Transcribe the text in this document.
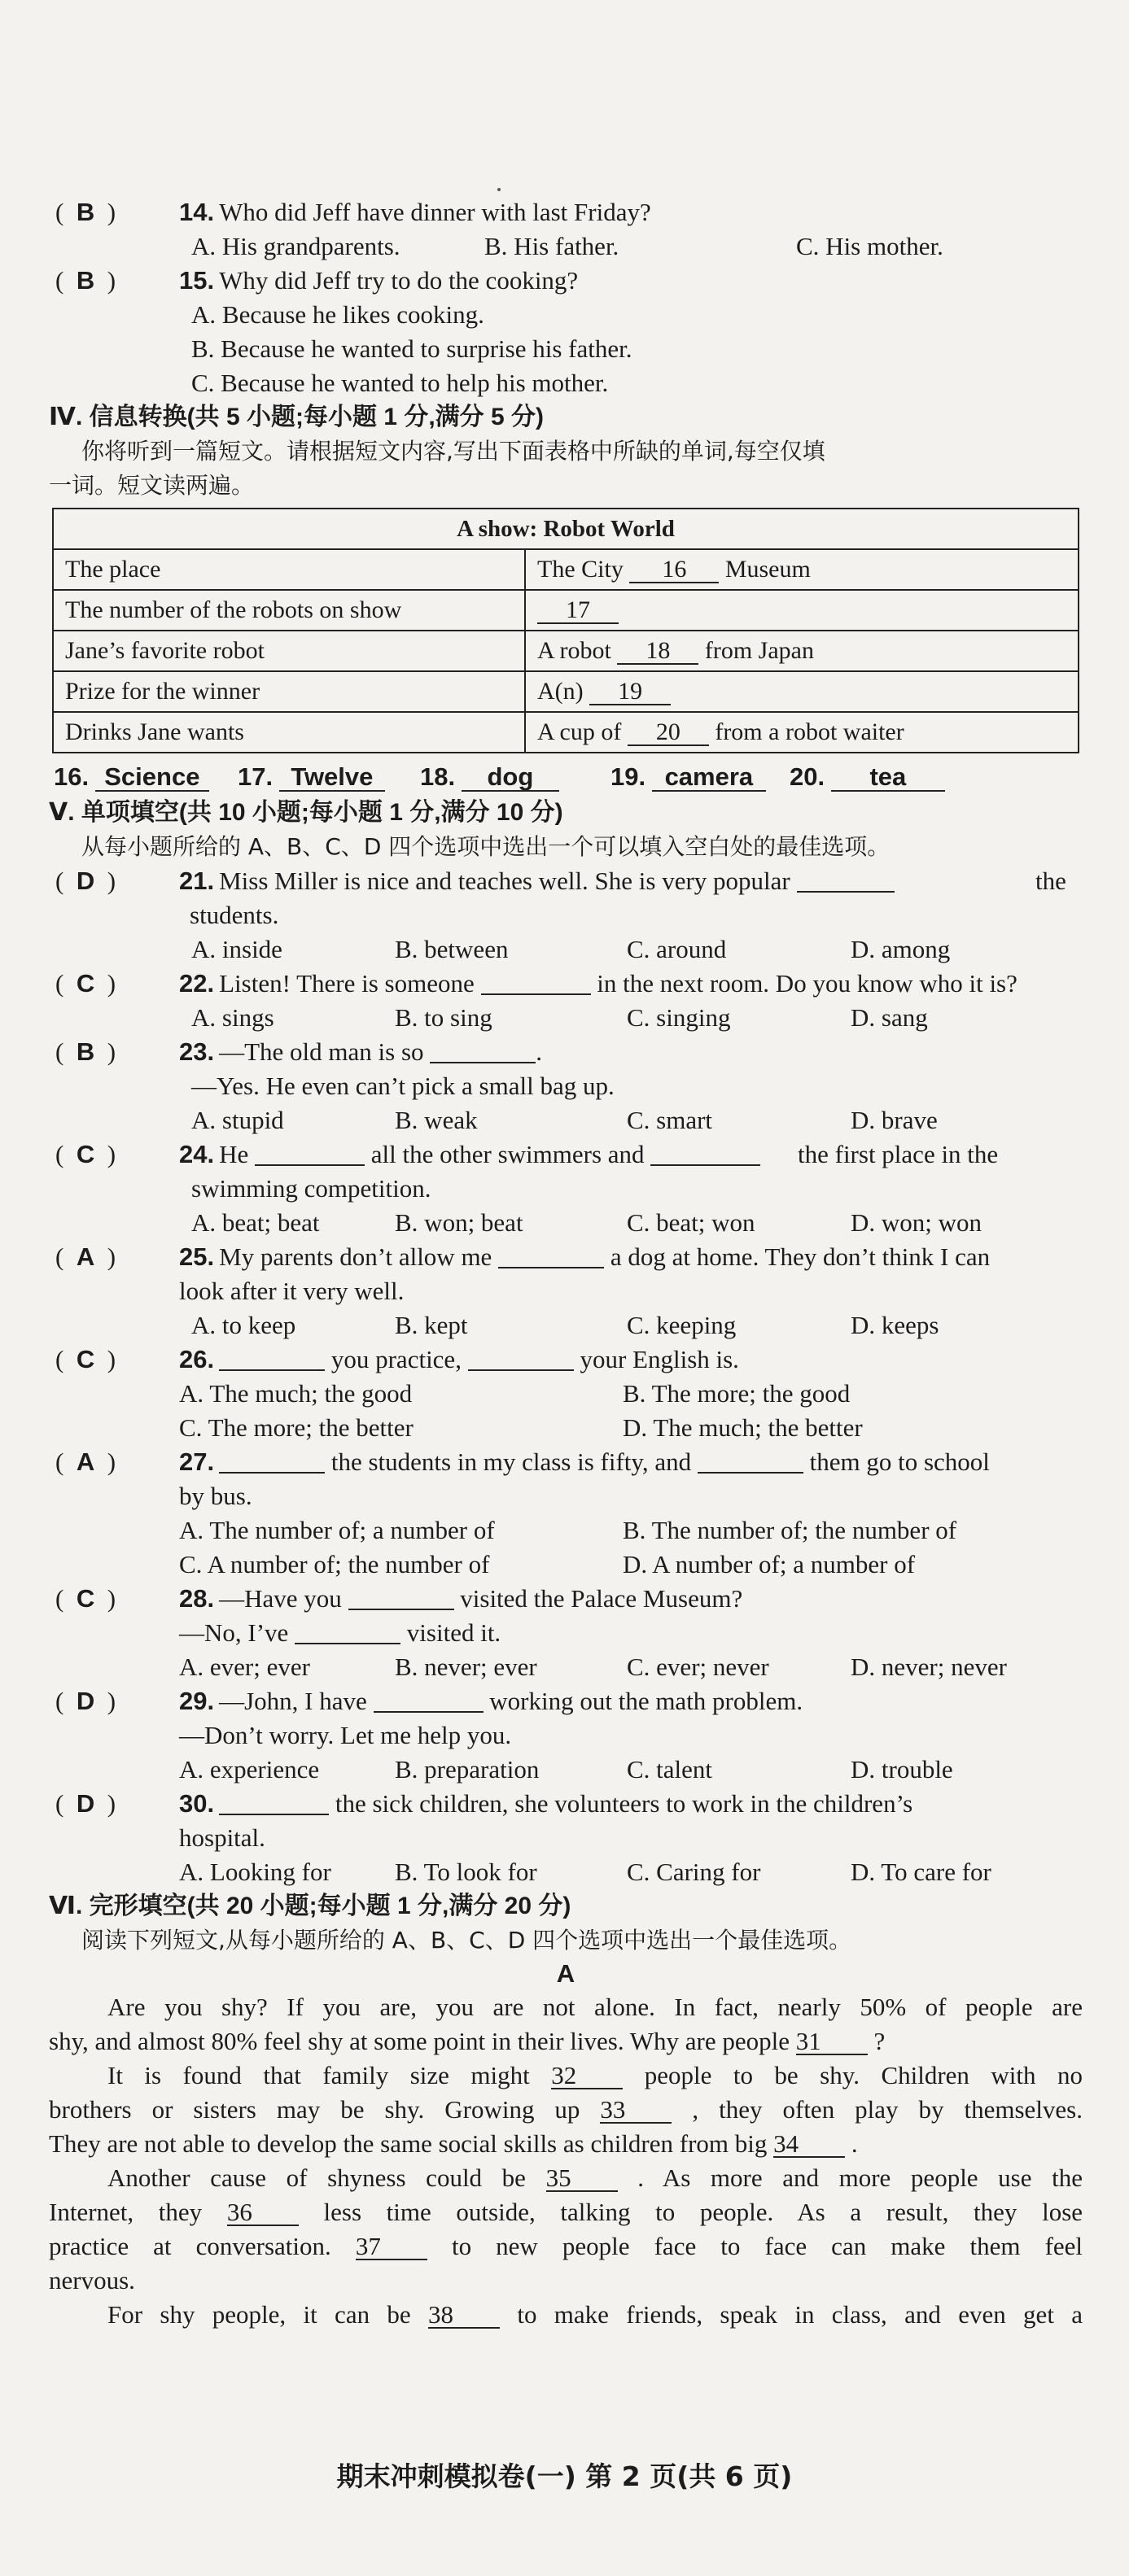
(  B  )	14. Who did Jeff have dinner with last Friday?
A. His grandparents.	B. His father.	C. His mother.
(  B  )	15. Why did Jeff try to do the cooking?
A. Because he likes cooking.
B. Because he wanted to surprise his father.
C. Because he wanted to help his mother.
Ⅳ. 信息转换(共 5 小题;每小题 1 分,满分 5 分)
你将听到一篇短文。请根据短文内容,写出下面表格中所缺的单词,每空仅填
一词。短文读两遍。
A show: Robot World	
The place	The City 16 Museum
The number of the robots on show	17
Jane’s favorite robot	A robot 18 from Japan
Prize for the winner	A(n) 19
Drinks Jane wants	A cup of 20 from a robot waiter
16. Science	17. Twelve	18. dog	19. camera	20. tea
Ⅴ. 单项填空(共 10 小题;每小题 1 分,满分 10 分)
从每小题所给的 A、B、C、D 四个选项中选出一个可以填入空白处的最佳选项。
(  D  )	21. Miss Miller is nice and teaches well. She is very popular	the
students.
A. inside	B. between	C. around	D. among
(  C  )	22. Listen! There is someone	in the next room. Do you know who it is?
A. sings	B. to sing	C. singing	D. sang
(  B  )	23. —The old man is so	.
—Yes. He even can’t pick a small bag up.
A. stupid	B. weak	C. smart	D. brave
(  C  )	24. He	all the other swimmers and	the first place in the
swimming competition.
A. beat; beat	B. won; beat	C. beat; won	D. won; won
(  A  )	25. My parents don’t allow me	a dog at home. They don’t think I can
look after it very well.
A. to keep	B. kept	C. keeping	D. keeps
(  C  )	26.	you practice,	your English is.
A. The much; the good	B. The more; the good
C. The more; the better	D. The much; the better
(  A  )	27.	the students in my class is fifty, and	them go to school
by bus.
A. The number of; a number of	B. The number of; the number of
C. A number of; the number of	D. A number of; a number of
(  C  )	28. —Have you	visited the Palace Museum?
—No, I’ve	visited it.
A. ever; ever	B. never; ever	C. ever; never	D. never; never
(  D  )	29. —John, I have	working out the math problem.
—Don’t worry. Let me help you.
A. experience	B. preparation	C. talent	D. trouble
(  D  )	30.	the sick children, she volunteers to work in the children’s
hospital.
A. Looking for	B. To look for	C. Caring for	D. To care for
Ⅵ. 完形填空(共 20 小题;每小题 1 分,满分 20 分)
阅读下列短文,从每小题所给的 A、B、C、D 四个选项中选出一个最佳选项。
A
Are you shy? If you are, you are not alone. In fact, nearly 50% of people are
shy, and almost 80% feel shy at some point in their lives. Why are people 31 ?
It is found that family size might 32	people to be shy. Children with no
brothers or sisters may be shy. Growing up 33	, they often play by themselves.
They are not able to develop the same social skills as children from big 34 .
Another cause of shyness could be 35	. As more and more people use the
Internet, they 36	less time outside, talking to people. As a result, they lose
practice at conversation. 37	to new people face to face can make them feel
nervous.
For shy people, it can be 38	to make friends, speak in class, and even get a
期末冲刺模拟卷(一) 第 2 页(共 6 页)
